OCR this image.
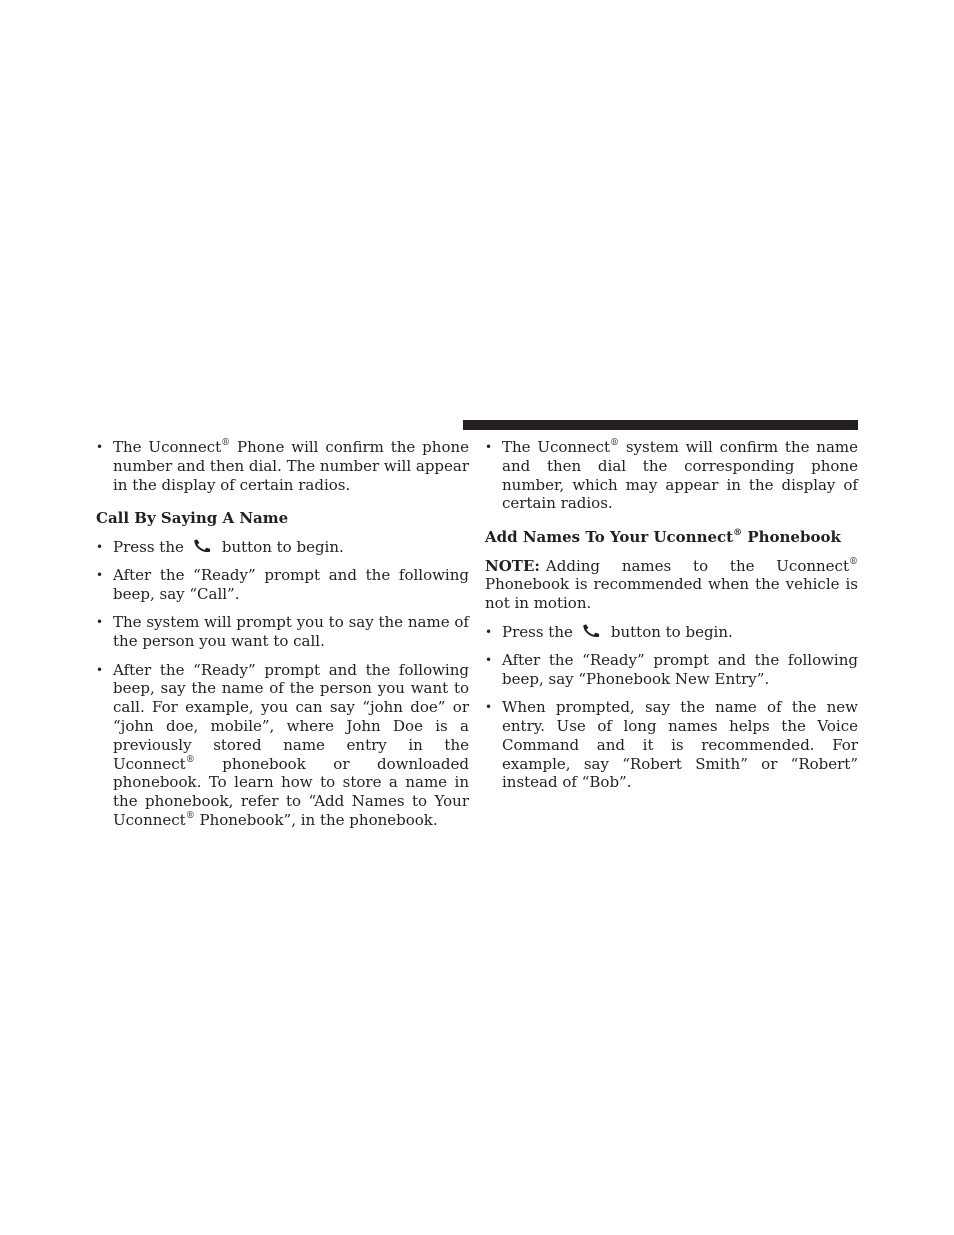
• The Uconnect® Phone will confirm the phone number and then dial. The number will appear in the display of certain radios.
Call By Saying A Name
• Press the	button to begin.
• After the “Ready” prompt and the following beep, say “Call”.
• The system will prompt you to say the name of the person you want to call.
• After the “Ready” prompt and the following beep, say the name of the person you want to call. For example, you can say “john doe” or “john doe, mobile”, where John Doe is a previously stored name entry in the Uconnect® phonebook or downloaded phonebook. To learn how to store a name in the phonebook, refer to “Add Names to Your Uconnect® Phonebook”, in the phonebook.
• The Uconnect® system will confirm the name and then dial the corresponding phone number, which may appear in the display of certain radios.
Add Names To Your Uconnect® Phonebook
NOTE: Adding names to the Uconnect® Phonebook is recommended when the vehicle is not in motion.
• Press the	button to begin.
• After the “Ready” prompt and the following beep, say “Phonebook New Entry”.
• When prompted, say the name of the new entry. Use of long names helps the Voice Command and it is recommended. For example, say “Robert Smith” or “Robert” instead of “Bob”.
